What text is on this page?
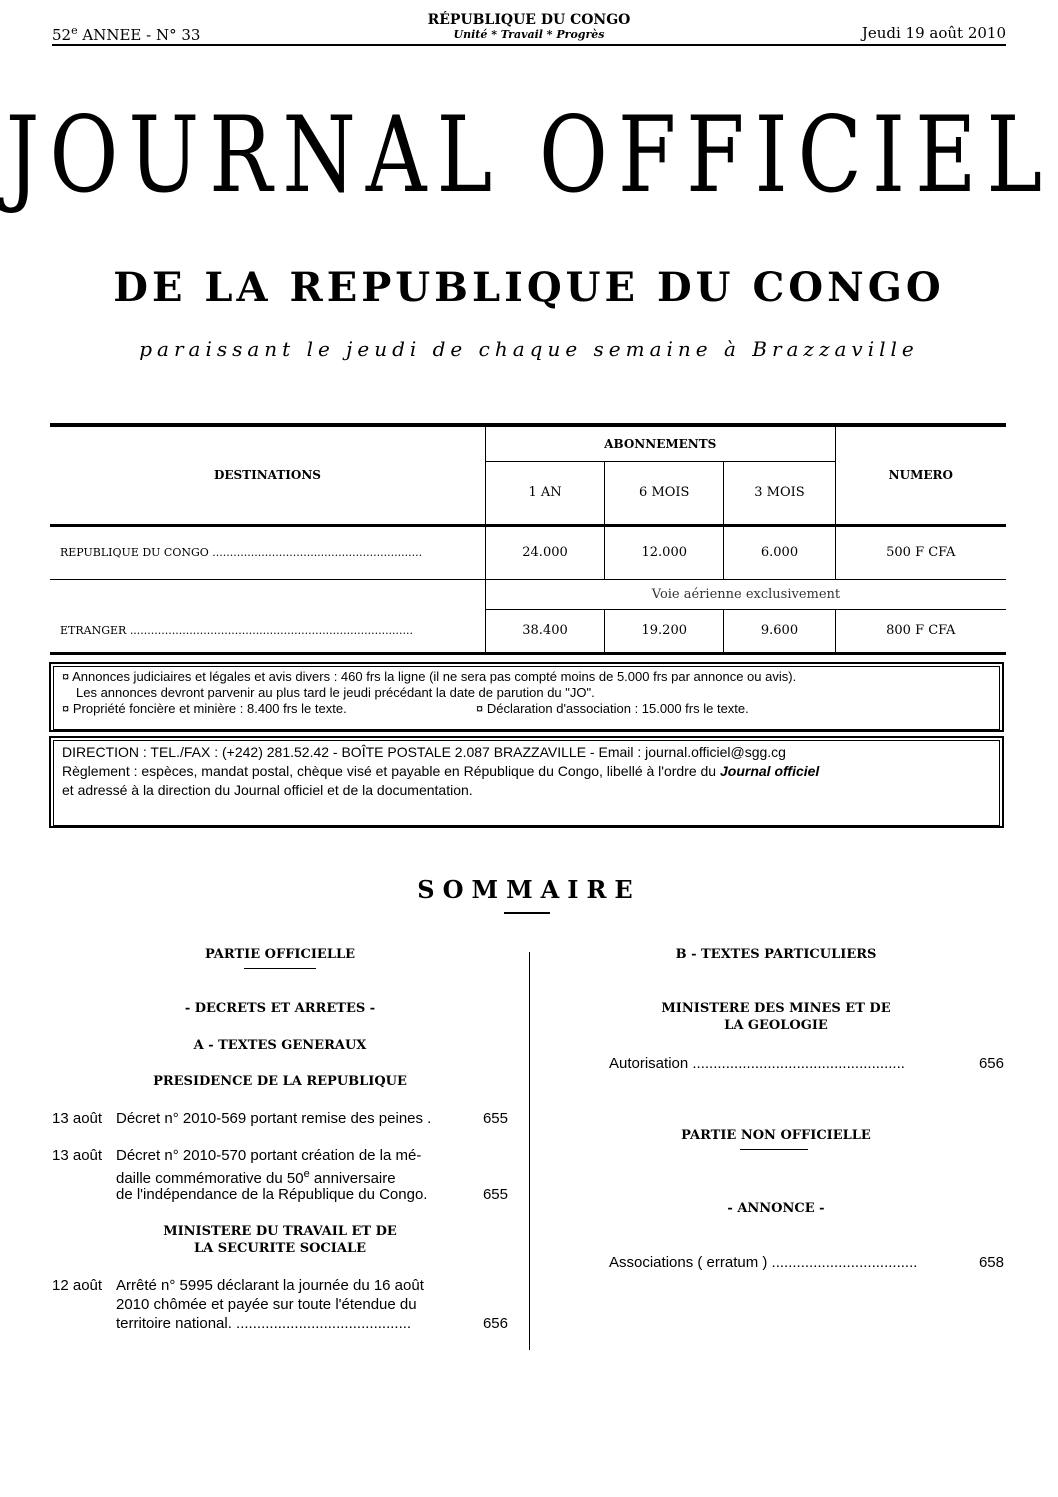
52e ANNEE - N° 33
RÉPUBLIQUE DU CONGO
Unité * Travail * Progrès	Jeudi 19 août 2010
JOURNAL OFFICIEL
DE LA REPUBLIQUE DU CONGO
paraissant le jeudi de chaque semaine à Brazzaville
DESTINATIONS	ABONNEMENTS			NUMERO
	1 AN	6 MOIS	3 MOIS	
REPUBLIQUE DU CONGO ............................................................	24.000	12.000	6.000	500 F CFA
	Voie aérienne exclusivement			
ETRANGER .................................................................................	38.400	19.200	9.600	800 F CFA
¤ Annonces judiciaires et légales et avis divers : 460 frs la ligne (il ne sera pas compté moins de 5.000 frs par annonce ou avis).
Les annonces devront parvenir au plus tard le jeudi précédant la date de parution du "JO".
¤ Propriété foncière et minière : 8.400 frs le texte.	¤ Déclaration d'association : 15.000 frs le texte.
DIRECTION : TEL./FAX : (+242) 281.52.42 - BOÎTE POSTALE 2.087 BRAZZAVILLE - Email : journal.officiel@sgg.cg
Règlement : espèces, mandat postal, chèque visé et payable en République du Congo, libellé à l'ordre du Journal officiel
et adressé à la direction du Journal officiel et de la documentation.
SOMMAIRE
PARTIE OFFICIELLE
- DECRETS ET ARRETES -
A - TEXTES GENERAUX
PRESIDENCE DE LA REPUBLIQUE
13 août Décret n° 2010-569 portant remise des peines .	655
13 août Décret n° 2010-570 portant création de la mé-
daille commémorative du 50e anniversaire
de l'indépendance de la République du Congo.	655
MINISTERE DU TRAVAIL ET DE
LA SECURITE SOCIALE
12 août Arrêté n° 5995 déclarant la journée du 16 août
2010 chômée et payée sur toute l'étendue du
territoire national. ..........................................	656
B - TEXTES PARTICULIERS
MINISTERE DES MINES ET DE
LA GEOLOGIE
Autorisation ...................................................	656
PARTIE NON OFFICIELLE
- ANNONCE -
Associations ( erratum ) ...................................	658
